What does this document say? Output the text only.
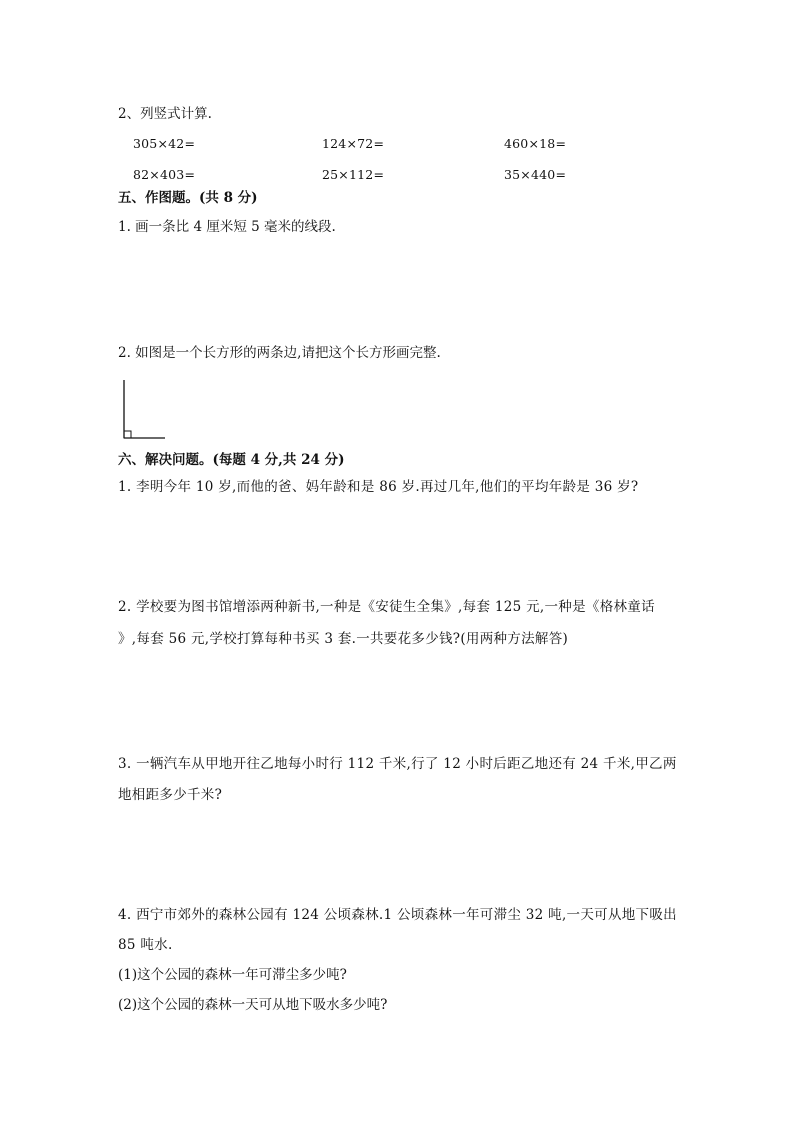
2、列竖式计算.
305×42=	124×72=	460×18=
82×403=	25×112=	35×440=
五、作图题。(共 8 分)
1. 画一条比 4 厘米短 5 毫米的线段.
2. 如图是一个长方形的两条边,请把这个长方形画完整.
六、解决问题。(每题 4 分,共 24 分)
1. 李明今年 10 岁,而他的爸、妈年龄和是 86 岁.再过几年,他们的平均年龄是 36 岁?
2. 学校要为图书馆增添两种新书,一种是《安徒生全集》,每套 125 元,一种是《格林童话
》,每套 56 元,学校打算每种书买 3 套.一共要花多少钱?(用两种方法解答)
3. 一辆汽车从甲地开往乙地每小时行 112 千米,行了 12 小时后距乙地还有 24 千米,甲乙两
地相距多少千米?
4. 西宁市郊外的森林公园有 124 公顷森林.1 公顷森林一年可滞尘 32 吨,一天可从地下吸出
85 吨水.
(1)这个公园的森林一年可滞尘多少吨?
(2)这个公园的森林一天可从地下吸水多少吨?
